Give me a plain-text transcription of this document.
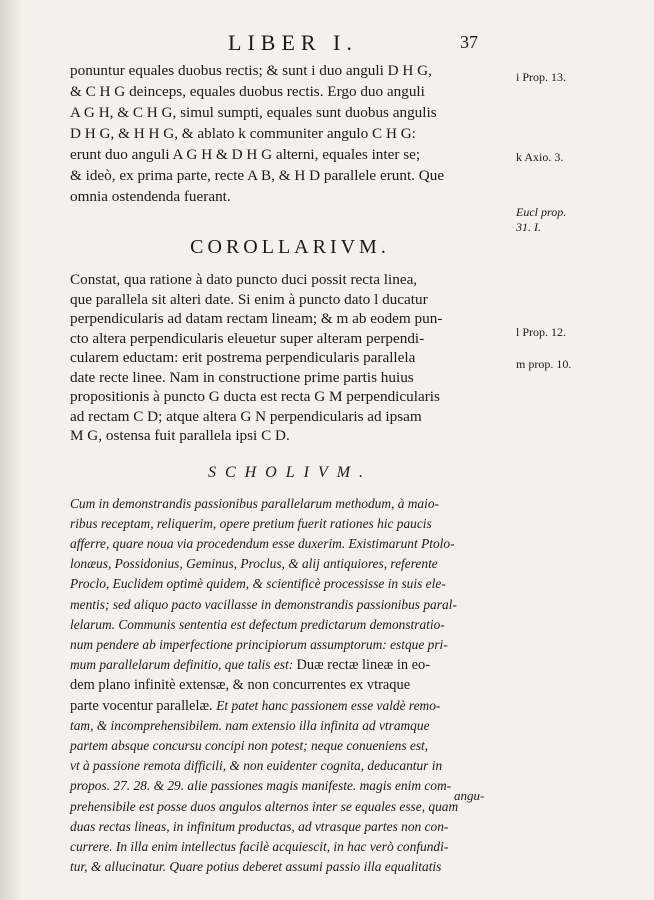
LIBER I.	37

ponuntur equales duobus rectis; & sunt i duo anguli D H G,
& C H G deinceps, equales duobus rectis. Ergo duo anguli
A G H, & C H G, simul sumpti, equales sunt duobus angulis
D H G, & H H G, & ablato k communiter angulo C H G:
erunt duo anguli A G H & D H G alterni, equales inter se;
& ideò, ex prima parte, recte A B, & H D parallele erunt. Que
omnia ostendenda fuerant.

COROLLARIVM.

Constat, qua ratione à dato puncto duci possit recta linea,
que parallela sit alteri date. Si enim à puncto dato l ducatur
perpendicularis ad datam rectam lineam; & m ab eodem pun-
cto altera perpendicularis eleuetur super alteram perpendi-
cularem eductam: erit postrema perpendicularis parallela
date recte linee. Nam in constructione prime partis huius
propositionis à puncto G ducta est recta G M perpendicularis
ad rectam C D; atque altera G N perpendicularis ad ipsam
M G, ostensa fuit parallela ipsi C D.

SCHOLIVM.

Cum in demonstrandis passionibus parallelarum methodum, à maio-
ribus receptam, reliquerim, opere pretium fuerit rationes hic paucis
afferre, quare noua via procedendum esse duxerim. Existimarunt Ptolo-
lonæus, Possidonius, Geminus, Proclus, & alij antiquiores, referente
Proclo, Euclidem optimè quidem, & scientificè processisse in suis ele-
mentis; sed aliquo pacto vacillasse in demonstrandis passionibus paral-
lelarum. Communis sententia est defectum predictarum demonstratio-
num pendere ab imperfectione principiorum assumptorum: estque pri-
mum parallelarum definitio, que talis est: Duæ rectæ lineæ in eo-
dem plano infinitè extensæ, & non concurrentes ex vtraque
parte vocentur parallelæ. Et patet hanc passionem esse valdè remo-
tam, & incomprehensibilem. nam extensio illa infinita ad vtramque
partem absque concursu concipi non potest; neque conueniens est,
vt à passione remota difficili, & non euidenter cognita, deducantur in
propos. 27. 28. & 29. alie passiones magis manifeste. magis enim com-
prehensibile est posse duos angulos alternos inter se equales esse, quam
duas rectas lineas, in infinitum productas, ad vtrasque partes non con-
currere. In illa enim intellectus facilè acquiescit, in hac verò confundi-
tur, & allucinatur. Quare potius deberet assumi passio illa equalitatis

angu-
i Prop. 13.
k Axio. 3.
Eucl prop.
31. I.
l Prop. 12.
m prop. 10.
